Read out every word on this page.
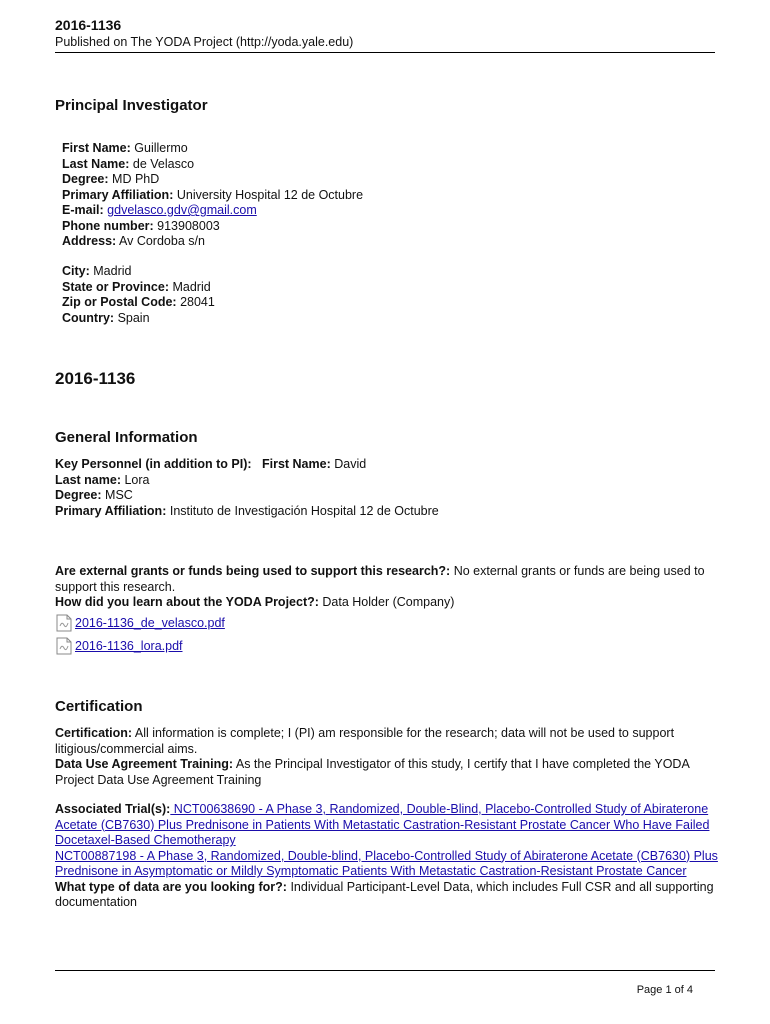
2016-1136
Published on The YODA Project (http://yoda.yale.edu)
Principal Investigator
First Name: Guillermo
Last Name: de Velasco
Degree: MD PhD
Primary Affiliation: University Hospital 12 de Octubre
E-mail: gdvelasco.gdv@gmail.com
Phone number: 913908003
Address: Av Cordoba s/n
City: Madrid
State or Province: Madrid
Zip or Postal Code: 28041
Country: Spain
2016-1136
General Information
Key Personnel (in addition to PI): First Name: David
Last name: Lora
Degree: MSC
Primary Affiliation: Instituto de Investigación Hospital 12 de Octubre
Are external grants or funds being used to support this research?: No external grants or funds are being used to support this research.
How did you learn about the YODA Project?: Data Holder (Company)
2016-1136_de_velasco.pdf
2016-1136_lora.pdf
Certification
Certification: All information is complete; I (PI) am responsible for the research; data will not be used to support litigious/commercial aims.
Data Use Agreement Training: As the Principal Investigator of this study, I certify that I have completed the YODA Project Data Use Agreement Training
Associated Trial(s): NCT00638690 - A Phase 3, Randomized, Double-Blind, Placebo-Controlled Study of Abiraterone Acetate (CB7630) Plus Prednisone in Patients With Metastatic Castration-Resistant Prostate Cancer Who Have Failed Docetaxel-Based Chemotherapy
NCT00887198 - A Phase 3, Randomized, Double-blind, Placebo-Controlled Study of Abiraterone Acetate (CB7630) Plus Prednisone in Asymptomatic or Mildly Symptomatic Patients With Metastatic Castration-Resistant Prostate Cancer
What type of data are you looking for?: Individual Participant-Level Data, which includes Full CSR and all supporting documentation
Page 1 of 4
